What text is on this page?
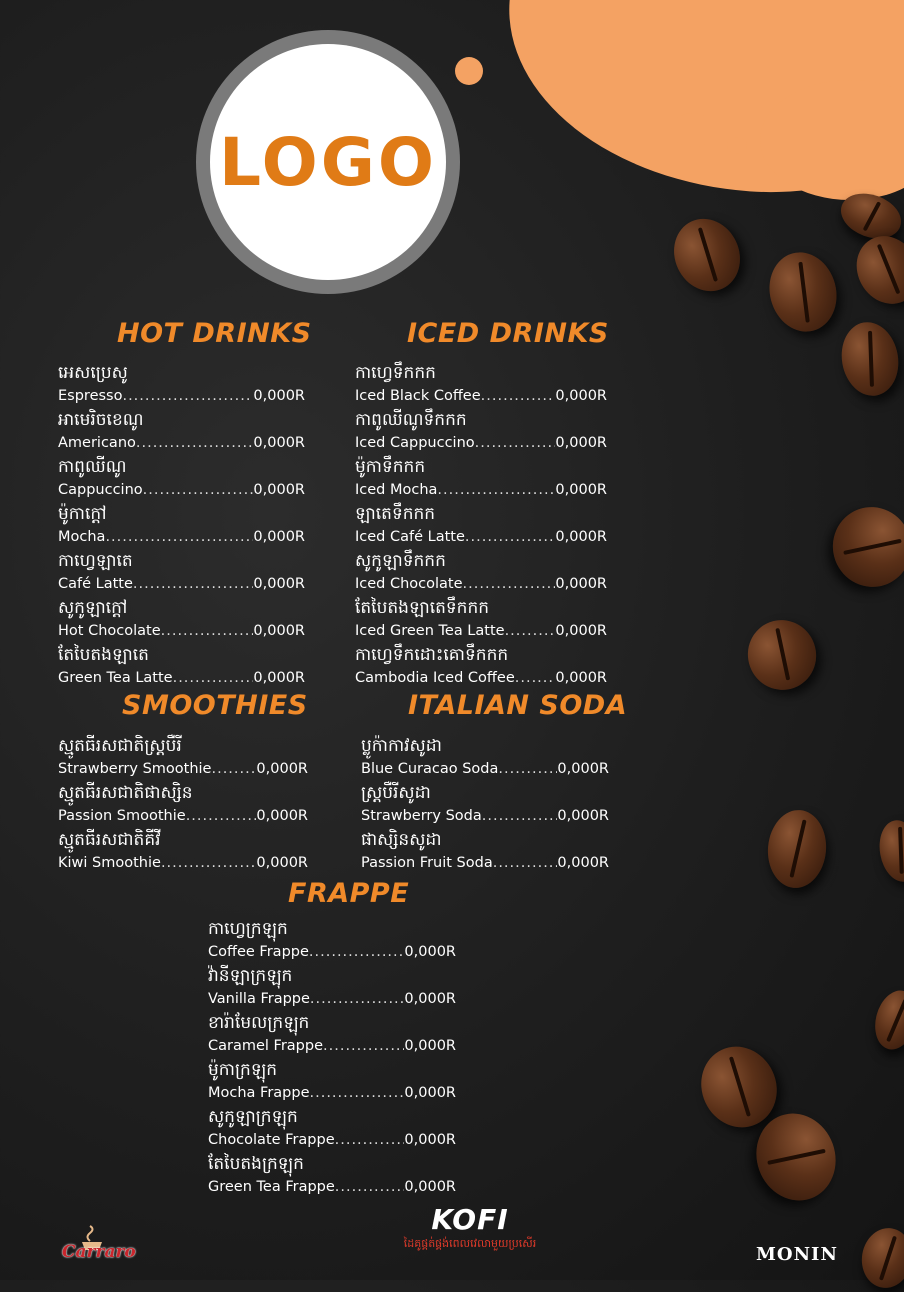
LOGO
HOT DRINKS	ICED DRINKS
SMOOTHIES	ITALIAN SODA
FRAPPE
អេសប្រេសូ
Espresso .....	0,000R
អាមេរិចខេណូ
Americano .....	0,000R
កាពូឈីណូ
Cappuccino .....	0,000R
ម៉ូកាក្ដៅ
Mocha .....	0,000R
កាហ្វេឡាតេ
Café Latte .....	0,000R
សូកូឡាក្ដៅ
Hot Chocolate .....	0,000R
តែបៃតងឡាតេ
Green Tea Latte .....	0,000R
កាហ្វេទឹកកក
Iced Black Coffee .....	0,000R
កាពូឈីណូទឹកកក
Iced Cappuccino .....	0,000R
ម៉ូកាទឹកកក
Iced Mocha .....	0,000R
ឡាតេទឹកកក
Iced Café Latte .....	0,000R
សូកូឡាទឹកកក
Iced Chocolate .....	0,000R
តែបៃតងឡាតេទឹកកក
Iced Green Tea Latte .....	0,000R
កាហ្វេទឹកដោះគោទឹកកក
Cambodia Iced Coffee .....	0,000R
ស្មូតធីរសជាតិស្ត្របឺរី
Strawberry Smoothie .....	0,000R
ស្មូតធីរសជាតិផាស្សិន
Passion Smoothie .....	0,000R
ស្មូតធីរសជាតិគីវី
Kiwi Smoothie .....	0,000R
ប្លូក៉ាកាវសូដា
Blue Curacao Soda .....	0,000R
ស្ត្របឺរីសូដា
Strawberry Soda .....	0,000R
ផាស្សិនសូដា
Passion Fruit Soda .....	0,000R
កាហ្វេក្រឡុក
Coffee Frappe .....	0,000R
វ៉ានីឡាក្រឡុក
Vanilla Frappe .....	0,000R
ខារ៉ាមែលក្រឡុក
Caramel Frappe .....	0,000R
ម៉ូកាក្រឡុក
Mocha Frappe .....	0,000R
សូកូឡាក្រឡុក
Chocolate Frappe .....	0,000R
តែបៃតងក្រឡុក
Green Tea Frappe .....	0,000R
Carraro
KOFI
ដៃគូផ្គត់ផ្គង់ពេលវេលាមួយប្រសើរ
MONIN
